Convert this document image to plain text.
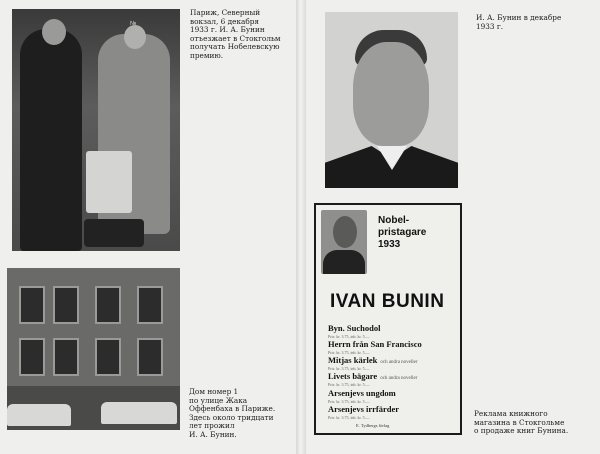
№
Париж, Северный
вокзал, 6 декабря
1933 г. И. А. Бунин
отъезжает в Стокгольм
получать Нобелевскую
премию.
Дом номер 1
по улице Жака
Оффенбаха в Париже.
Здесь около тридцати
лет прожил
И. А. Бунин.
И. А. Бунин в декабре
1933 г.
Nobel-
pristagare
1933
IVAN BUNIN
Byn. Suchodol
Pris: kr. 3.75, inb. kr. 5.—
Herrn från San Francisco
Pris: kr. 3.75, inb. kr. 5.—
Mitjas kärlek och andra noveller
Pris: kr. 3.75, inb. kr. 5.—
Livets bägare och andra noveller
Pris: kr. 3.75, inb. kr. 5.—
Arsenjevs ungdom
Pris: kr. 3.75, inb. kr. 5.—
Arsenjevs irrfärder
Pris: kr. 3.75, inb. kr. 5.—
E. Tydbergs förlag
Реклама книжного
магазина в Стокгольме
о продаже книг Бунина.
